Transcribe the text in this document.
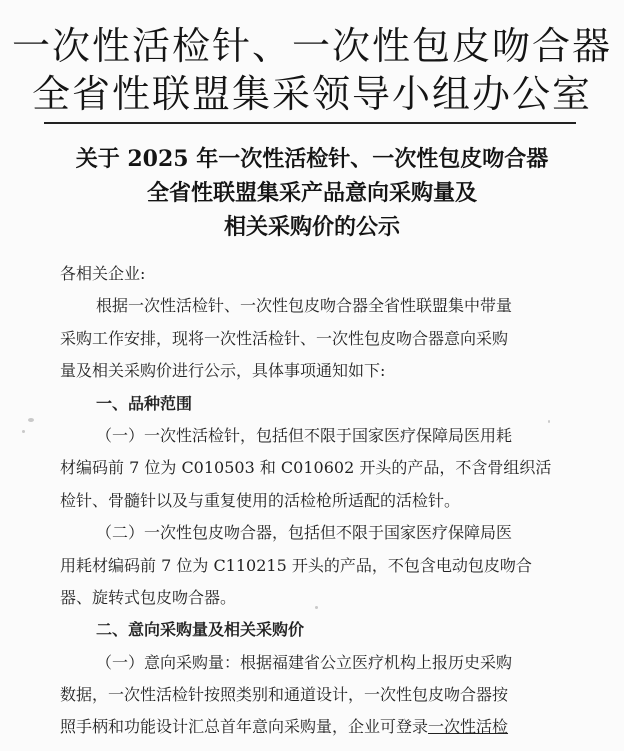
一次性活检针、一次性包皮吻合器
全省性联盟集采领导小组办公室
关于 2025 年一次性活检针、一次性包皮吻合器
全省性联盟集采产品意向采购量及
相关采购价的公示
各相关企业:
根据一次性活检针、一次性包皮吻合器全省性联盟集中带量
采购工作安排，现将一次性活检针、一次性包皮吻合器意向采购
量及相关采购价进行公示，具体事项通知如下:
一、品种范围
（一）一次性活检针，包括但不限于国家医疗保障局医用耗
材编码前 7 位为 C010503 和 C010602 开头的产品，不含骨组织活
检针、骨髓针以及与重复使用的活检枪所适配的活检针。
（二）一次性包皮吻合器，包括但不限于国家医疗保障局医
用耗材编码前 7 位为 C110215 开头的产品，不包含电动包皮吻合
器、旋转式包皮吻合器。
二、意向采购量及相关采购价
（一）意向采购量：根据福建省公立医疗机构上报历史采购
数据，一次性活检针按照类别和通道设计，一次性包皮吻合器按
照手柄和功能设计汇总首年意向采购量，企业可登录一次性活检
